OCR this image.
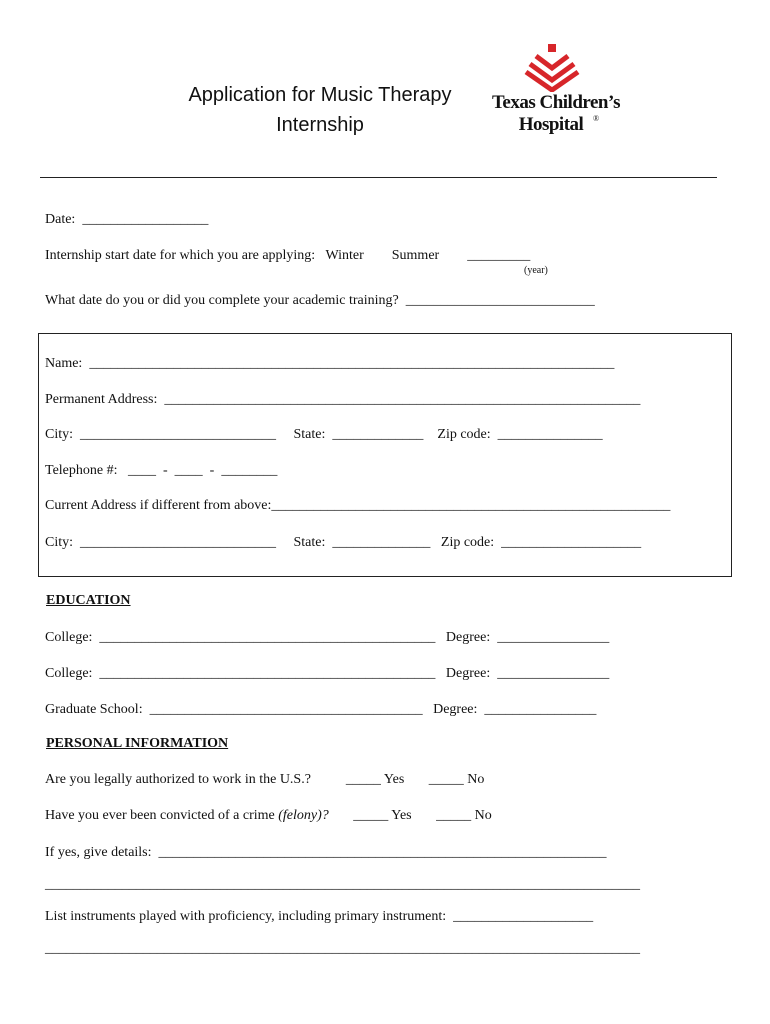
Application for Music Therapy
Internship
Texas Children’s
Hospital	®
Date:  __________________
Internship start date for which you are applying:   Winter        Summer        _________
(year)
What date do you or did you complete your academic training?  ___________________________
Name:  ___________________________________________________________________________
Permanent Address:  ____________________________________________________________________
City:  ____________________________     State:  _____________    Zip code:  _______________
Telephone #:   ____  -  ____  -  ________
Current Address if different from above:_________________________________________________________
City:  ____________________________     State:  ______________   Zip code:  ____________________
EDUCATION
College:  ________________________________________________   Degree:  ________________
College:  ________________________________________________   Degree:  ________________
Graduate School:  _______________________________________   Degree:  ________________
PERSONAL INFORMATION
Are you legally authorized to work in the U.S.?          _____ Yes       _____ No
Have you ever been convicted of a crime (felony)?       _____ Yes       _____ No
If yes, give details:  ________________________________________________________________
_____________________________________________________________________________________
List instruments played with proficiency, including primary instrument:  ____________________
_____________________________________________________________________________________
